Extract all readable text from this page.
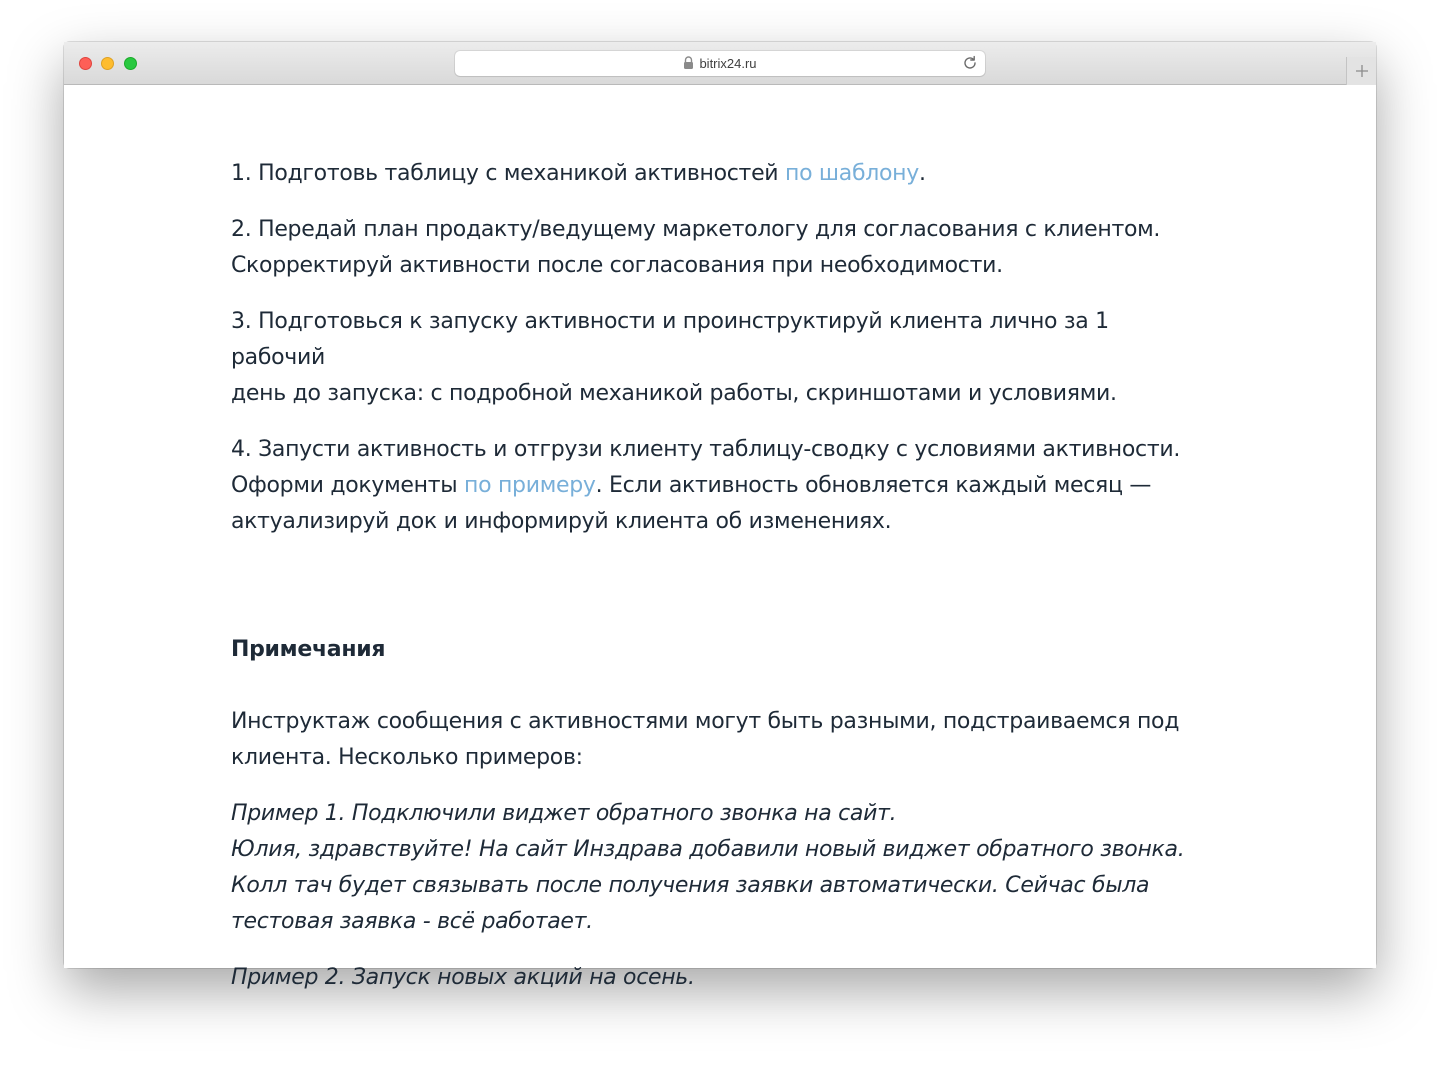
bitrix24.ru

1. Подготовь таблицу с механикой активностей по шаблону.

2. Передай план продакту/ведущему маркетологу для согласования с клиентом.
Скорректируй активности после согласования при необходимости.

3. Подготовься к запуску активности и проинструктируй клиента лично за 1 рабочий
день до запуска: с подробной механикой работы, скриншотами и условиями.

4. Запусти активность и отгрузи клиенту таблицу-сводку с условиями активности.
Оформи документы по примеру. Если активность обновляется каждый месяц —
актуализируй док и информируй клиента об изменениях.

Примечания

Инструктаж сообщения с активностями могут быть разными, подстраиваемся под
клиента. Несколько примеров:

Пример 1. Подключили виджет обратного звонка на сайт.
Юлия, здравствуйте! На сайт Инздрава добавили новый виджет обратного звонка.
Колл тач будет связывать после получения заявки автоматически. Сейчас была
тестовая заявка - всё работает.

Пример 2. Запуск новых акций на осень.
